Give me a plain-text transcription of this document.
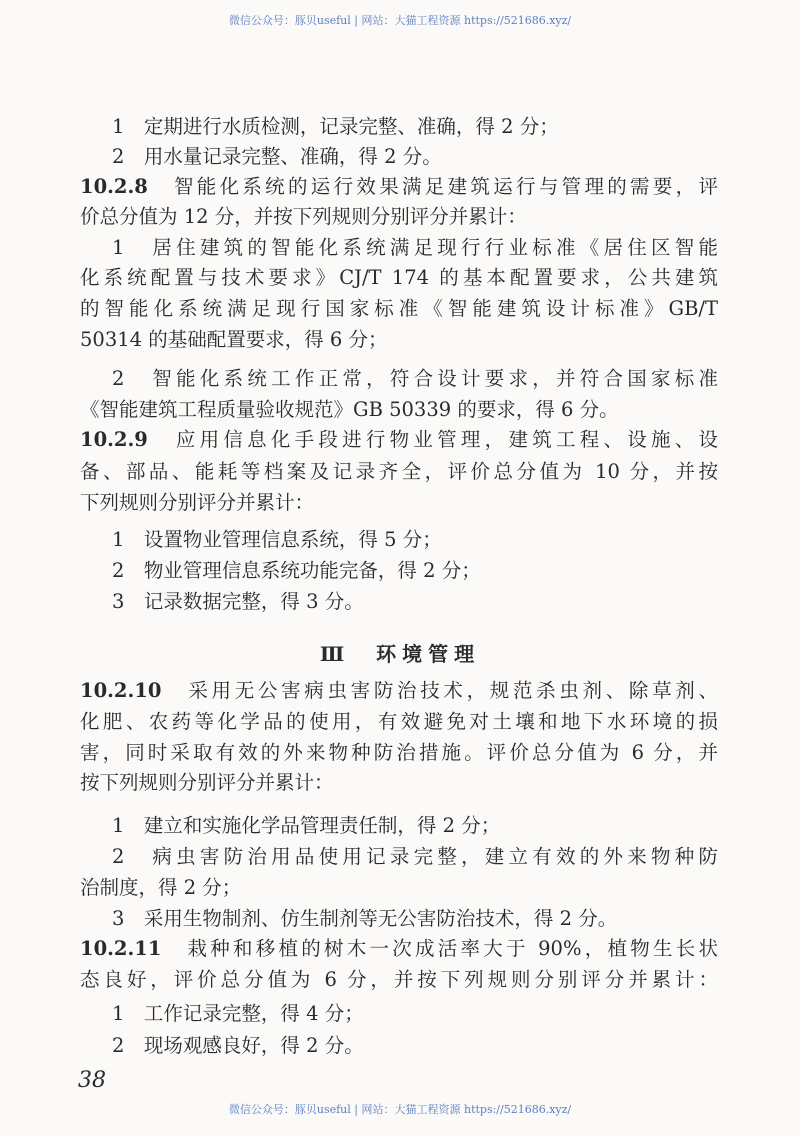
微信公众号：豚贝useful | 网站：大猫工程资源 https://521686.xyz/
1　定期进行水质检测，记录完整、准确，得 2 分；
2　用水量记录完整、准确，得 2 分。
10.2.8　 智能化系统的运行效果满足建筑运行与管理的需要，评
价总分值为 12 分，并按下列规则分别评分并累计：
1　居住建筑的智能化系统满足现行行业标准《居住区智能
化系统配置与技术要求》CJ/T 174 的基本配置要求，公共建筑
的智能化系统满足现行国家标准《智能建筑设计标准》GB/T
50314 的基础配置要求，得 6 分；
2　智能化系统工作正常，符合设计要求，并符合国家标准
《智能建筑工程质量验收规范》GB 50339 的要求，得 6 分。
10.2.9　 应用信息化手段进行物业管理，建筑工程、设施、设
备、部品、能耗等档案及记录齐全，评价总分值为 10 分，并按
下列规则分别评分并累计：
1　设置物业管理信息系统，得 5 分；
2　物业管理信息系统功能完备，得 2 分；
3　记录数据完整，得 3 分。
Ⅲ　环境管理
10.2.10　 采用无公害病虫害防治技术，规范杀虫剂、除草剂、
化肥、农药等化学品的使用，有效避免对土壤和地下水环境的损
害，同时采取有效的外来物种防治措施。评价总分值为 6 分，并
按下列规则分别评分并累计：
1　建立和实施化学品管理责任制，得 2 分；
2　病虫害防治用品使用记录完整，建立有效的外来物种防
治制度，得 2 分；
3　采用生物制剂、仿生制剂等无公害防治技术，得 2 分。
10.2.11　 栽种和移植的树木一次成活率大于 90%，植物生长状
态良好，评价总分值为 6 分，并按下列规则分别评分并累计：
1　工作记录完整，得 4 分；
2　现场观感良好，得 2 分。
38
微信公众号：豚贝useful | 网站：大猫工程资源 https://521686.xyz/
